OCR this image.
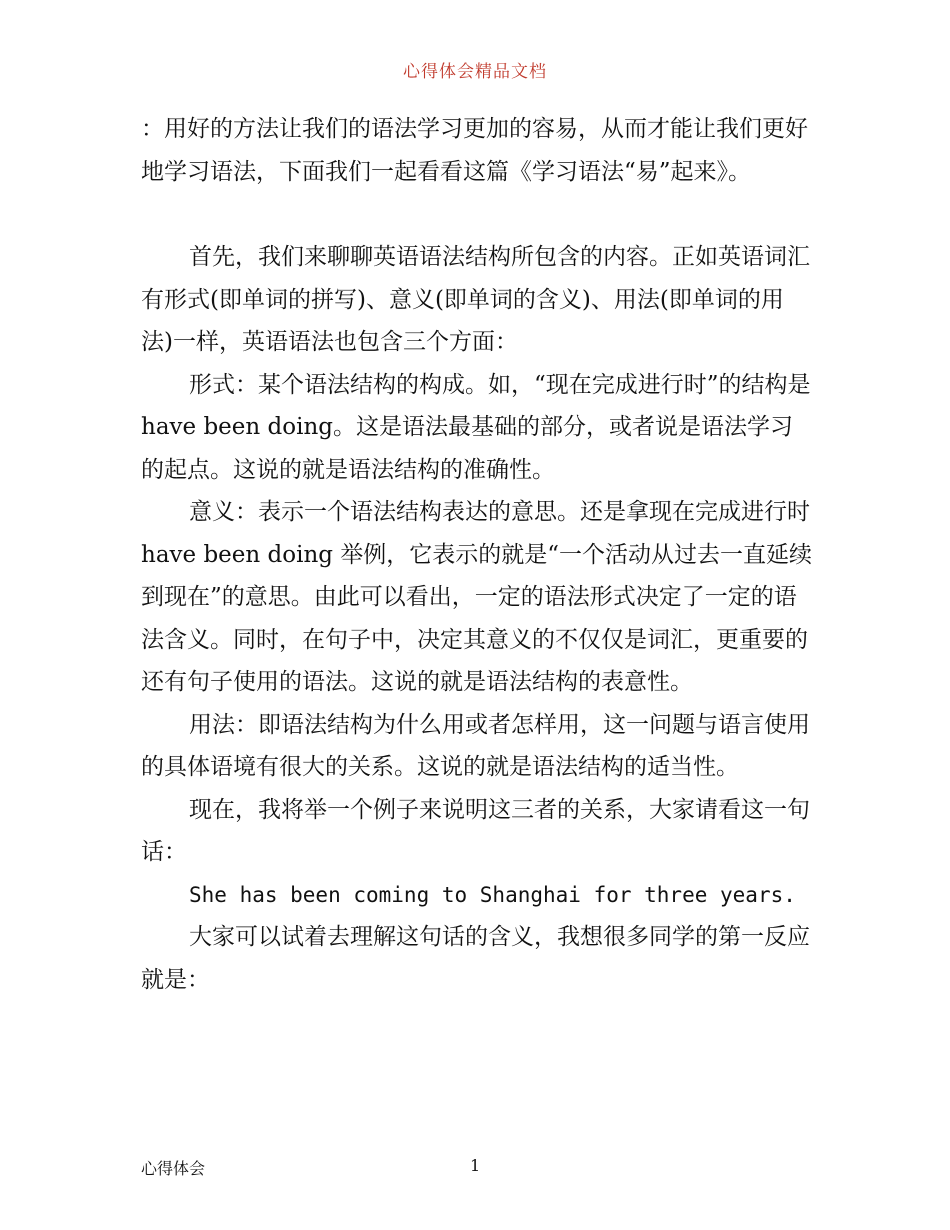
心得体会精品文档

：用好的方法让我们的语法学习更加的容易，从而才能让我们更好地学习语法，下面我们一起看看这篇《学习语法“易”起来》。

首先，我们来聊聊英语语法结构所包含的内容。正如英语词汇有形式(即单词的拼写)、意义(即单词的含义)、用法(即单词的用法)一样，英语语法也包含三个方面：

形式：某个语法结构的构成。如，“现在完成进行时”的结构是have been doing。这是语法最基础的部分，或者说是语法学习的起点。这说的就是语法结构的准确性。

意义：表示一个语法结构表达的意思。还是拿现在完成进行时have been doing 举例，它表示的就是“一个活动从过去一直延续到现在”的意思。由此可以看出，一定的语法形式决定了一定的语法含义。同时，在句子中，决定其意义的不仅仅是词汇，更重要的还有句子使用的语法。这说的就是语法结构的表意性。

用法：即语法结构为什么用或者怎样用，这一问题与语言使用的具体语境有很大的关系。这说的就是语法结构的适当性。

现在，我将举一个例子来说明这三者的关系，大家请看这一句话：

She has been coming to Shanghai for three years.

大家可以试着去理解这句话的含义，我想很多同学的第一反应就是：

心得体会	1
